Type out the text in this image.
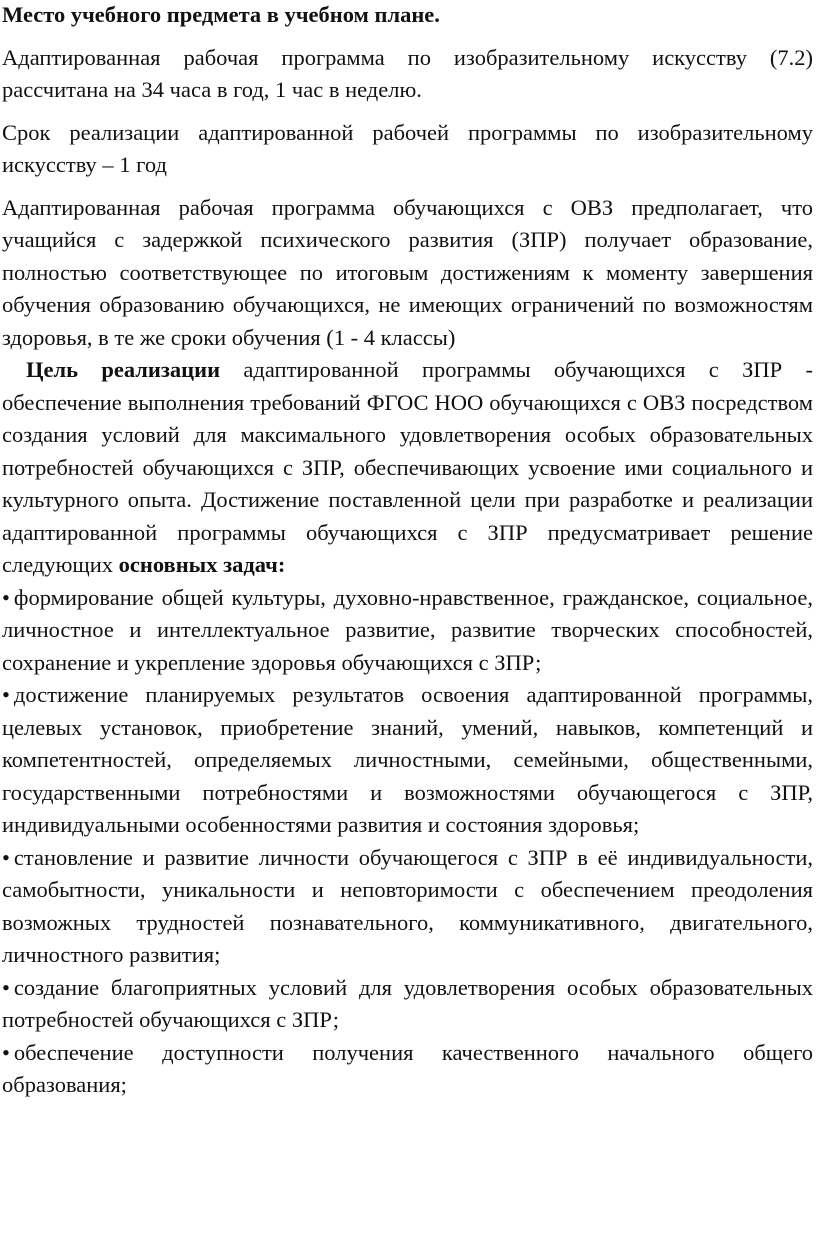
Место учебного предмета в учебном плане.

Адаптированная рабочая программа по изобразительному искусству (7.2) рассчитана на 34 часа в год, 1 час в неделю.

Срок реализации адаптированной рабочей программы по изобразительному искусству – 1 год

Адаптированная рабочая программа обучающихся с ОВЗ предполагает, что учащийся с задержкой психического развития (ЗПР) получает образование, полностью соответствующее по итоговым достижениям к моменту завершения обучения образованию обучающихся, не имеющих ограничений по возможностям здоровья, в те же сроки обучения (1 - 4 классы)

Цель реализации адаптированной программы обучающихся с ЗПР - обеспечение выполнения требований ФГОС НОО обучающихся с ОВЗ посредством создания условий для максимального удовлетворения особых образовательных потребностей обучающихся с ЗПР, обеспечивающих усвоение ими социального и культурного опыта. Достижение поставленной цели при разработке и реализации адаптированной программы обучающихся с ЗПР предусматривает решение следующих основных задач:

• формирование общей культуры, духовно-нравственное, гражданское, социальное, личностное и интеллектуальное развитие, развитие творческих способностей, сохранение и укрепление здоровья обучающихся с ЗПР;

• достижение планируемых результатов освоения адаптированной программы, целевых установок, приобретение знаний, умений, навыков, компетенций и компетентностей, определяемых личностными, семейными, общественными, государственными потребностями и возможностями обучающегося с ЗПР, индивидуальными особенностями развития и состояния здоровья;

• становление и развитие личности обучающегося с ЗПР в её индивидуальности, самобытности, уникальности и неповторимости с обеспечением преодоления возможных трудностей познавательного, коммуникативного, двигательного, личностного развития;

• создание благоприятных условий для удовлетворения особых образовательных потребностей обучающихся с ЗПР;

• обеспечение доступности получения качественного начального общего образования;
